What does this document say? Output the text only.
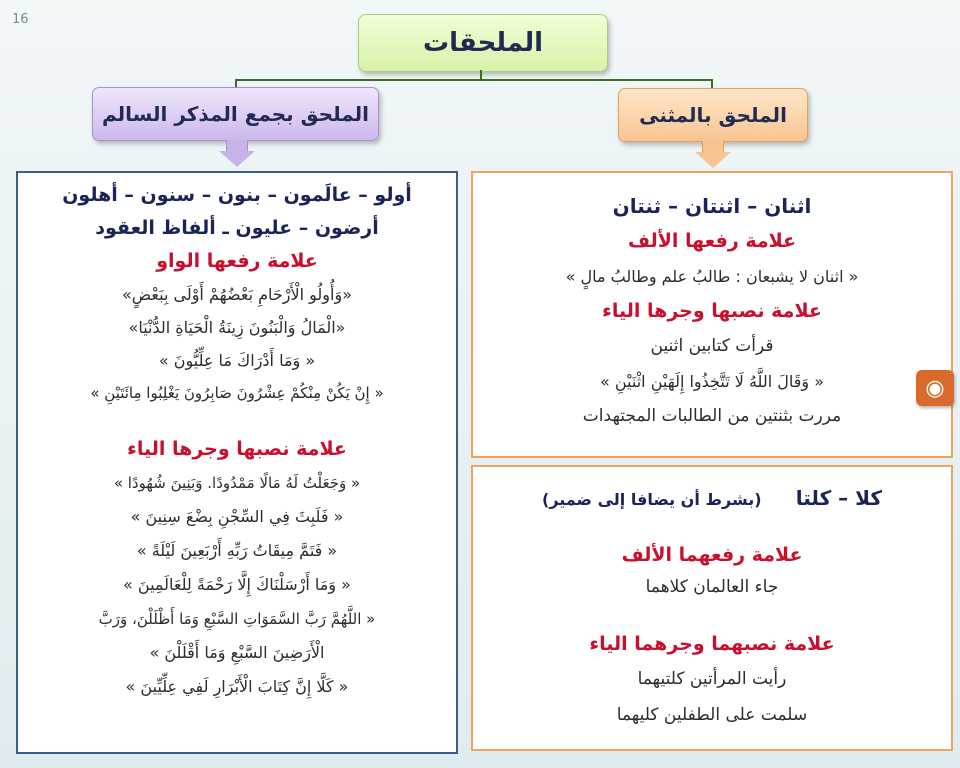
16
الملحقات
الملحق بجمع المذكر السالم	الملحق بالمثنى
أولو – عالَمون – بنون – سنون – أهلون
أرضون – عليون ـ ألفاظ العقود
علامة رفعها الواو
«وَأُولُو الْأَرْحَامِ بَعْضُهُمْ أَوْلَى بِبَعْضٍ»
«الْمَالُ وَالْبَنُونَ زِينَةُ الْحَيَاةِ الدُّنْيَا»
« وَمَا أَدْرَاكَ مَا عِلِّيُّونَ »
« إِنْ يَكُنْ مِنْكُمْ عِشْرُونَ صَابِرُونَ يَغْلِبُوا مِائَتَيْنِ »
علامة نصبها وجرها الياء
« وَجَعَلْتُ لَهُ مَالًا مَمْدُودًا. وَبَنِينَ شُهُودًا »
« فَلَبِثَ فِي السِّجْنِ بِضْعَ سِنِينَ »
« فَتَمَّ مِيقَاتُ رَبِّهِ أَرْبَعِينَ لَيْلَةً »
« وَمَا أَرْسَلْنَاكَ إِلَّا رَحْمَةً لِلْعَالَمِينَ »
« اللَّهُمَّ رَبَّ السَّمَوَاتِ السَّبْعِ وَمَا أَظْلَلْنَ، وَرَبَّ
الْأَرَضِينَ السَّبْعِ وَمَا أَقْلَلْنَ »
« كَلَّا إِنَّ كِتَابَ الْأَبْرَارِ لَفِي عِلِّيِّينَ »
اثنان – اثنتان – ثنتان
علامة رفعها الألف
« اثنان لا يشبعان : طالبُ علم وطالبُ مالٍ »
علامة نصبها وجرها الياء
قرأت كتابين اثنين
« وَقَالَ اللَّهُ لَا تَتَّخِذُوا إِلَهَيْنِ اثْنَيْنِ »
مررت بثنتين من الطالبات المجتهدات
كلا – كلتا  (بشرط أن يضافا إلى ضمير)
علامة رفعهما الألف
جاء العالمان كلاهما
علامة نصبهما وجرهما الياء
رأيت المرأتين كلتيهما
سلمت على الطفلين كليهما
◉
